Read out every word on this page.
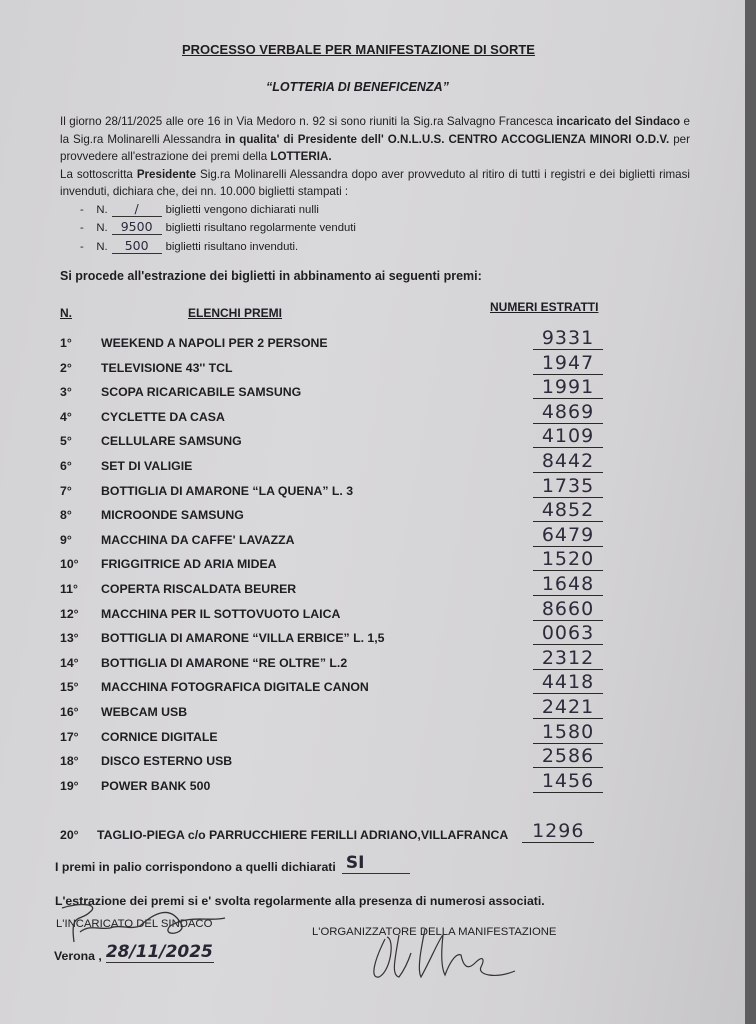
PROCESSO VERBALE PER MANIFESTAZIONE DI SORTE
“LOTTERIA DI BENEFICENZA”
Il giorno 28/11/2025 alle ore 16 in Via Medoro n. 92 si sono riuniti la Sig.ra Salvagno Francesca incaricato del Sindaco e la Sig.ra Molinarelli Alessandra in qualita' di Presidente dell' O.N.L.U.S. CENTRO ACCOGLIENZA MINORI O.D.V. per provvedere all'estrazione dei premi della LOTTERIA.
La sottoscritta Presidente Sig.ra Molinarelli Alessandra dopo aver provveduto al ritiro di tutti i registri e dei biglietti rimasi invenduti, dichiara che, dei nn. 10.000 biglietti stampati :
-    N. / biglietti vengono dichiarati nulli
-    N. 9500 biglietti risultano regolarmente venduti
-    N. 500 biglietti risultano invenduti.
Si procede all'estrazione dei biglietti in abbinamento ai seguenti premi:
N.	ELENCHI PREMI	NUMERI ESTRATTI
1° WEEKEND A NAPOLI PER 2 PERSONE	9331
2° TELEVISIONE 43'' TCL	1947
3° SCOPA RICARICABILE SAMSUNG	1991
4° CYCLETTE DA CASA	4869
5° CELLULARE SAMSUNG	4109
6° SET DI VALIGIE	8442
7° BOTTIGLIA DI AMARONE “LA QUENA” L. 3	1735
8° MICROONDE SAMSUNG	4852
9° MACCHINA DA CAFFE' LAVAZZA	6479
10° FRIGGITRICE AD ARIA MIDEA	1520
11° COPERTA RISCALDATA BEURER	1648
12° MACCHINA PER IL SOTTOVUOTO LAICA	8660
13° BOTTIGLIA DI AMARONE “VILLA ERBICE” L. 1,5	0063
14° BOTTIGLIA DI AMARONE “RE OLTRE” L.2	2312
15° MACCHINA FOTOGRAFICA DIGITALE CANON	4418
16° WEBCAM USB	2421
17° CORNICE DIGITALE	1580
18° DISCO ESTERNO USB	2586
19° POWER BANK 500	1456
20°	TAGLIO-PIEGA c/o PARRUCCHIERE FERILLI ADRIANO,VILLAFRANCA	1296
I premi in palio corrispondono a quelli dichiarati SI
L'estrazione dei premi si e' svolta regolarmente alla presenza di numerosi associati.
L'INCARICATO DEL SINDACO
Verona , 28/11/2025
L'ORGANIZZATORE DELLA MANIFESTAZIONE
